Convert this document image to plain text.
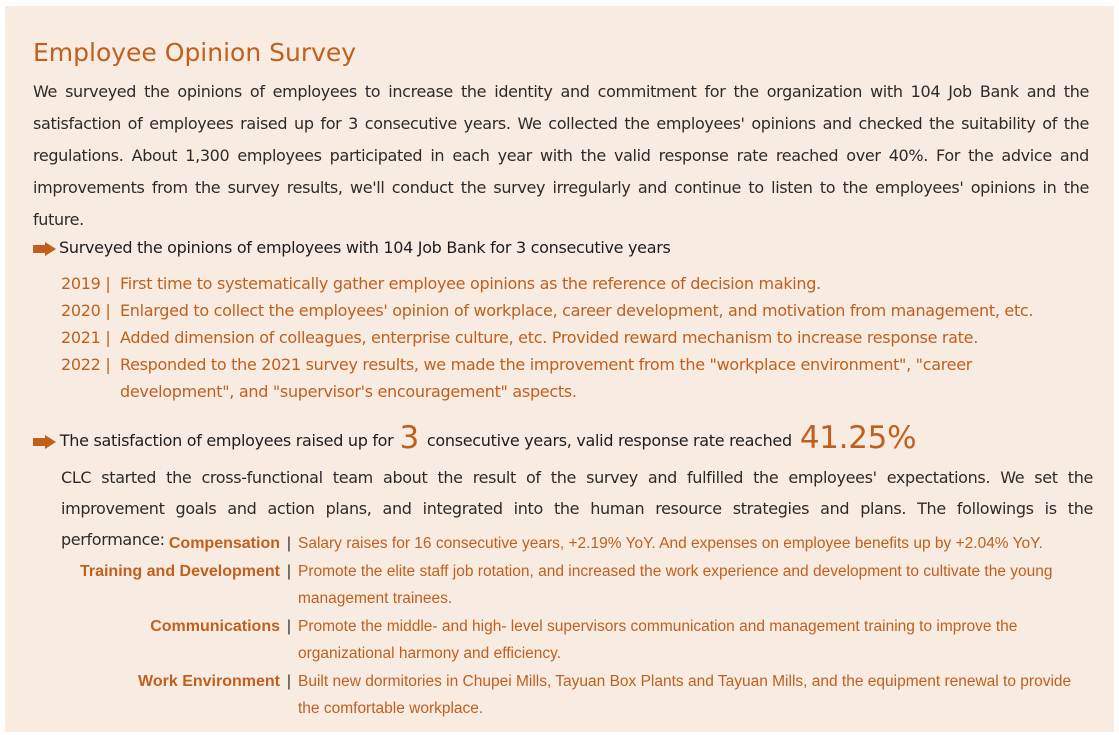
Employee Opinion Survey
We surveyed the opinions of employees to increase the identity and commitment for the organization with 104 Job Bank and the satisfaction of employees raised up for 3 consecutive years. We collected the employees' opinions and checked the suitability of the regulations. About 1,300 employees participated in each year with the valid response rate reached over 40%. For the advice and improvements from the survey results, we'll conduct the survey irregularly and continue to listen to the employees' opinions in the future.
Surveyed the opinions of employees with 104 Job Bank for 3 consecutive years
2019 | First time to systematically gather employee opinions as the reference of decision making.
2020 | Enlarged to collect the employees' opinion of workplace, career development, and motivation from management, etc.
2021 | Added dimension of colleagues, enterprise culture, etc. Provided reward mechanism to increase response rate.
2022 | Responded to the 2021 survey results, we made the improvement from the "workplace environment", "career development", and "supervisor's encouragement" aspects.
The satisfaction of employees raised up for 3 consecutive years, valid response rate reached 41.25%
CLC started the cross-functional team about the result of the survey and fulfilled the employees' expectations. We set the improvement goals and action plans, and integrated into the human resource strategies and plans. The followings is the performance: Compensation | Salary raises for 16 consecutive years, +2.19% YoY. And expenses on employee benefits up by +2.04% YoY.
Training and Development | Promote the elite staff job rotation, and increased the work experience and development to cultivate the young management trainees.
Communications | Promote the middle- and high- level supervisors communication and management training to improve the organizational harmony and efficiency.
Work Environment | Built new dormitories in Chupei Mills, Tayuan Box Plants and Tayuan Mills, and the equipment renewal to provide the comfortable workplace.
